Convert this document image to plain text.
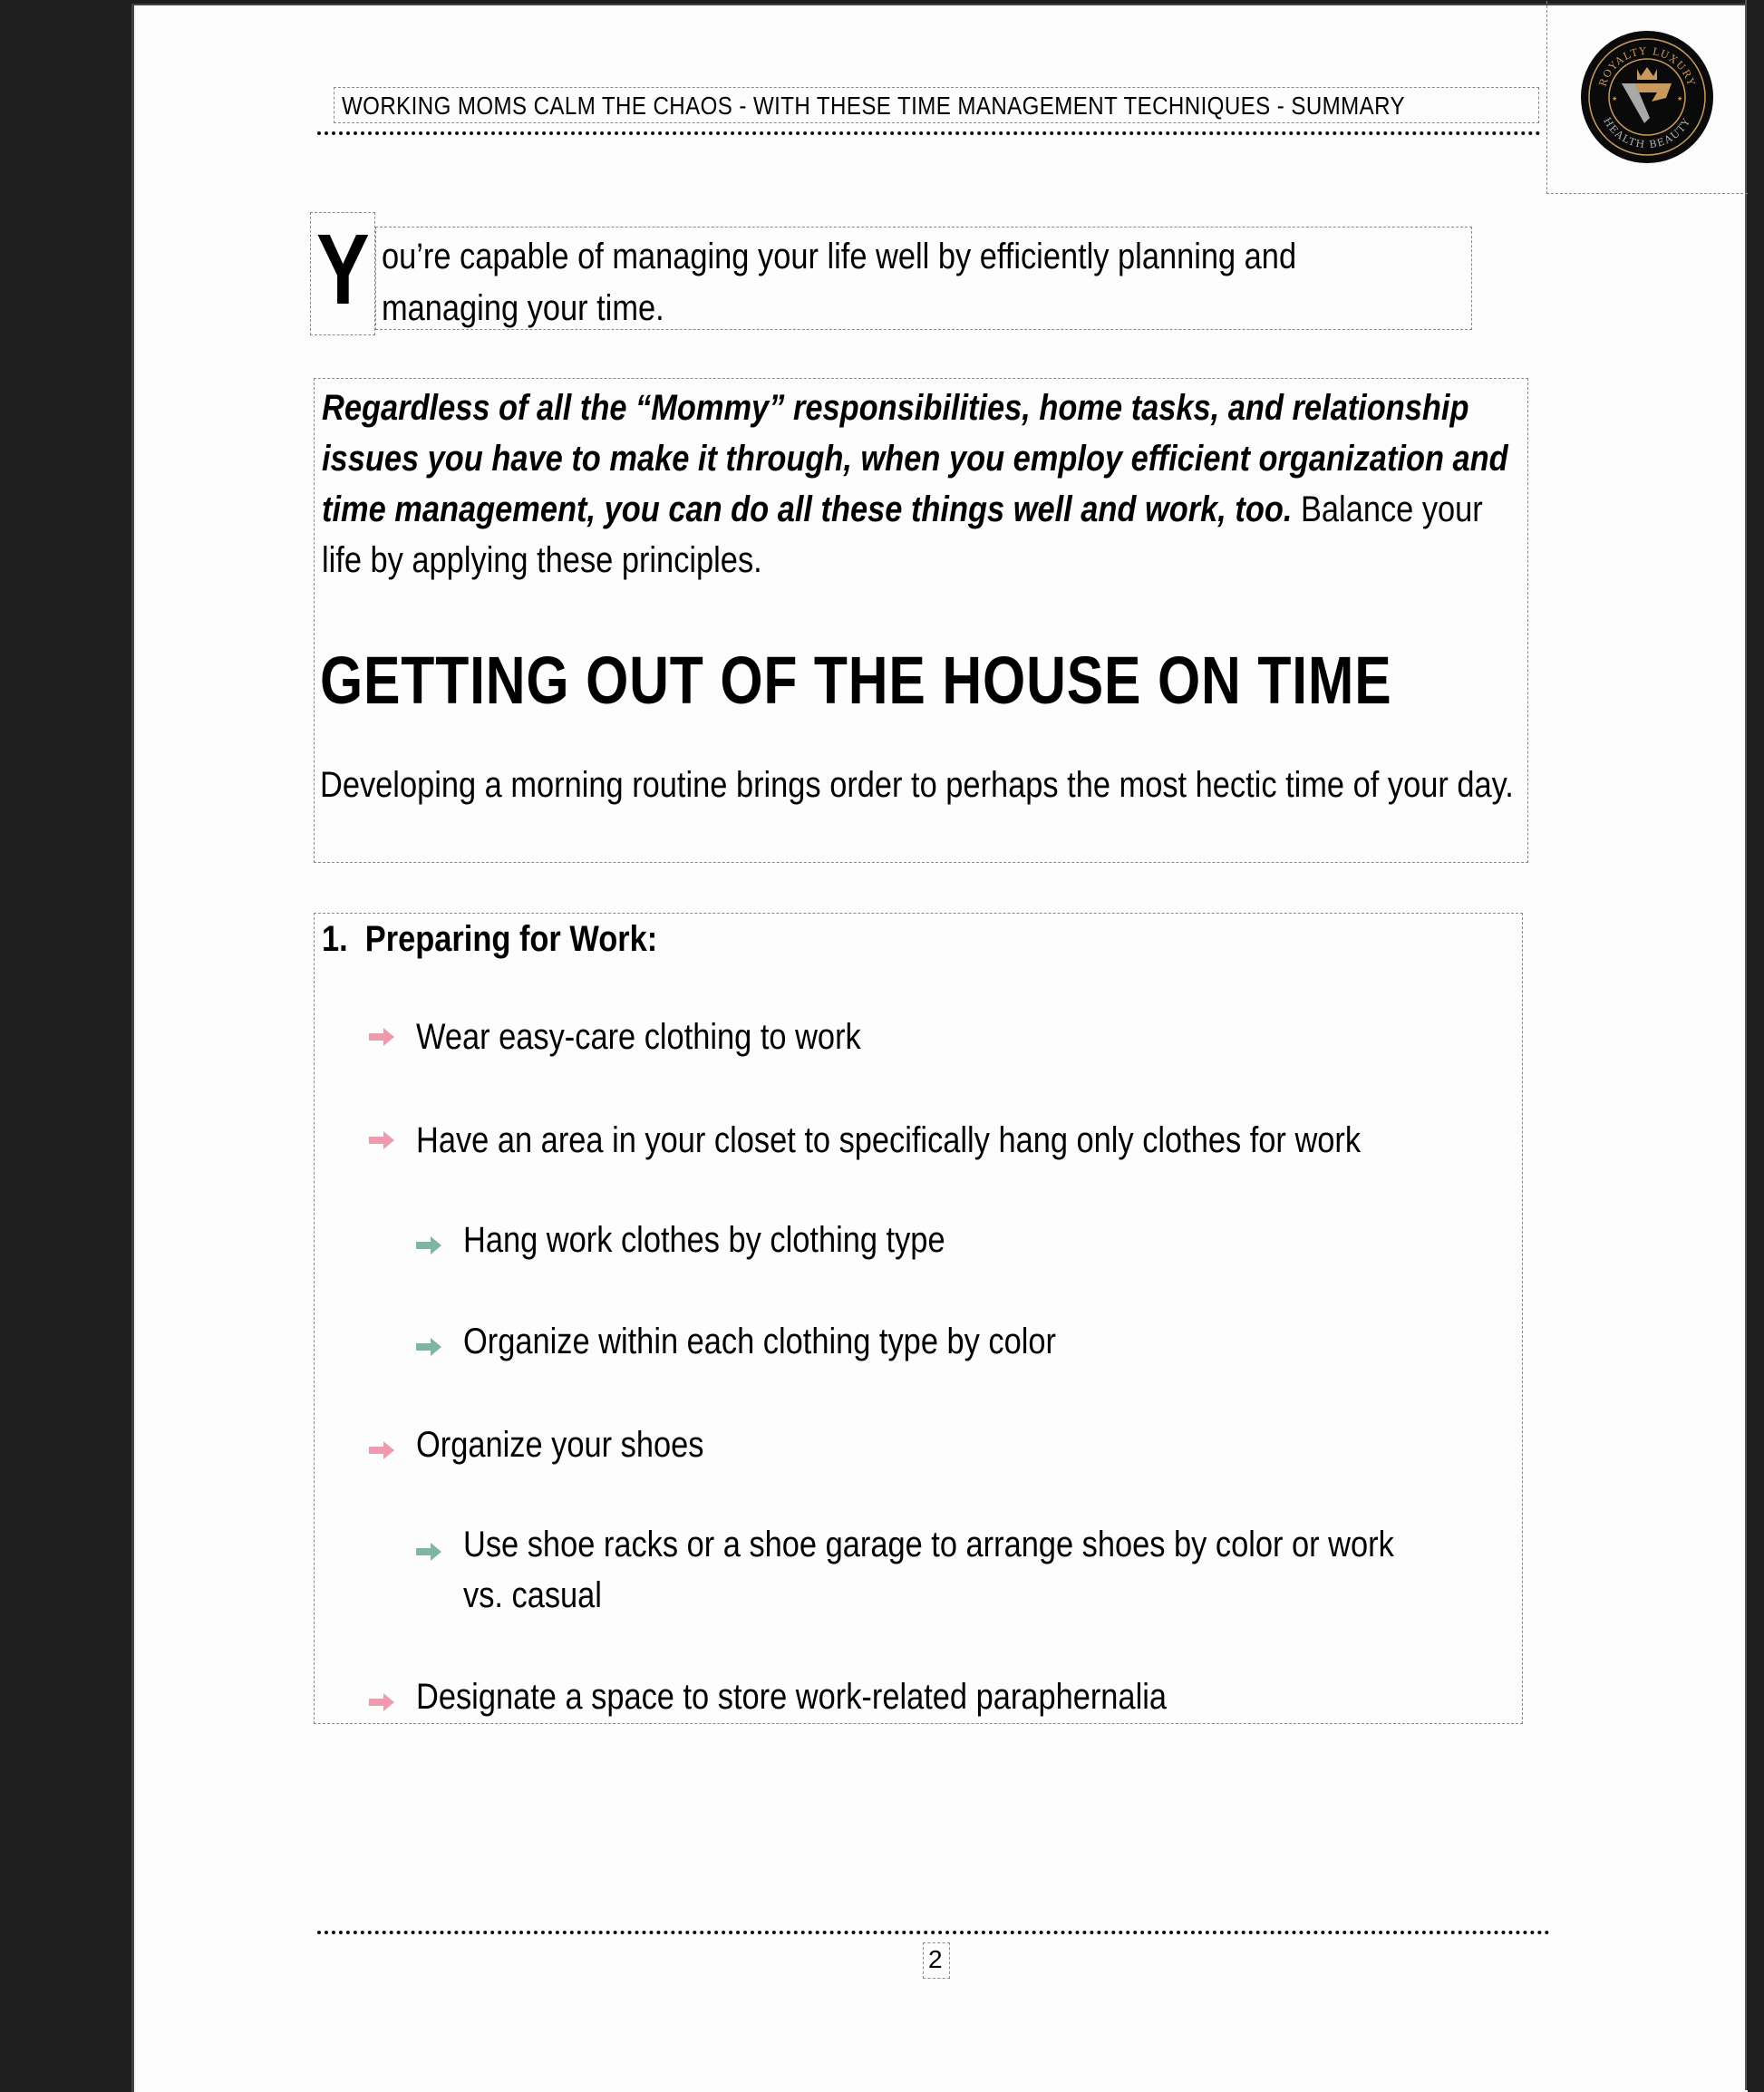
WORKING MOMS CALM THE CHAOS - WITH THESE TIME MANAGEMENT TECHNIQUES - SUMMARY
ROYALTY LUXURY
HEALTH BEAUTY
★	★
Y ou’re capable of managing your life well by efficiently planning and
managing your time.
Regardless of all the “Mommy” responsibilities, home tasks, and relationship issues you have to make it through, when you employ efficient organization and time management, you can do all these things well and work, too. Balance your life by applying these principles.
GETTING OUT OF THE HOUSE ON TIME
Developing a morning routine brings order to perhaps the most hectic time of your day.
1. Preparing for Work:
Wear easy-care clothing to work
Have an area in your closet to specifically hang only clothes for work
Hang work clothes by clothing type
Organize within each clothing type by color
Organize your shoes
Use shoe racks or a shoe garage to arrange shoes by color or work
vs. casual
Designate a space to store work-related paraphernalia
2
